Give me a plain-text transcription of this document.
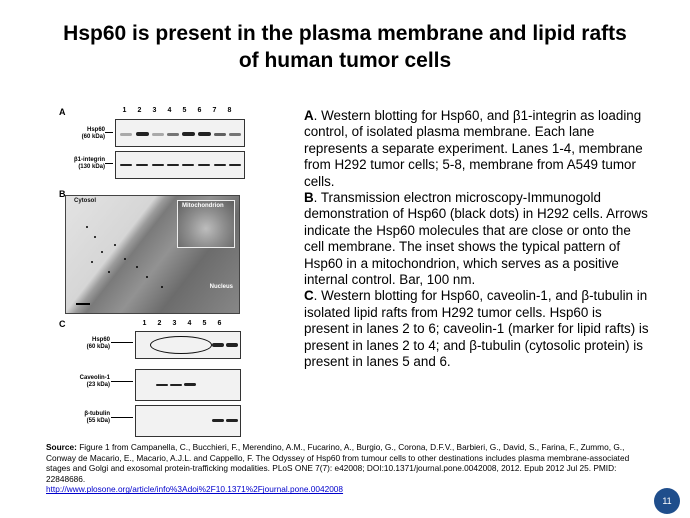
Hsp60 is present in the plasma membrane and lipid rafts
of human tumor cells
A	1 2 3 4 5 6 7 8
Hsp60
(60 kDa)
β1-integrin
(130 kDa)
B
Cytosol
Mitochondrion
Nucleus
C	1 2 3 4 5 6
Hsp60
(60 kDa)
Caveolin-1
(23 kDa)
β-tubulin
(55 kDa)

A. Western blotting for Hsp60, and β1-integrin as loading control, of isolated plasma membrane. Each lane represents a separate experiment. Lanes 1-4, membrane from H292 tumor cells; 5-8, membrane from A549 tumor cells.

B. Transmission electron microscopy-Immunogold demonstration of Hsp60 (black dots) in H292 cells. Arrows indicate the Hsp60 molecules that are close or onto the cell membrane. The inset shows the typical pattern of Hsp60 in a mitochondrion, which serves as a positive internal control. Bar, 100 nm.

C. Western blotting for Hsp60, caveolin-1, and β-tubulin in isolated lipid rafts from H292 tumor cells. Hsp60 is present in lanes 2 to 6; caveolin-1 (marker for lipid rafts) is present in lanes 2 to 4; and β-tubulin (cytosolic protein) is present in lanes 5 and 6.

Source: Figure 1 from Campanella, C., Bucchieri, F., Merendino, A.M., Fucarino, A., Burgio, G., Corona, D.F.V., Barbieri, G., David, S., Farina, F., Zummo, G., Conway de Macario, E., Macario, A.J.L. and Cappello, F. The Odyssey of Hsp60 from tumour cells to other destinations includes plasma membrane-associated stages and Golgi and exosomal protein-trafficking modalities. PLoS ONE 7(7): e42008; DOI:10.1371/journal.pone.0042008, 2012. Epub 2012 Jul 25. PMID: 22848686.
http://www.plosone.org/article/info%3Adoi%2F10.1371%2Fjournal.pone.0042008
11
